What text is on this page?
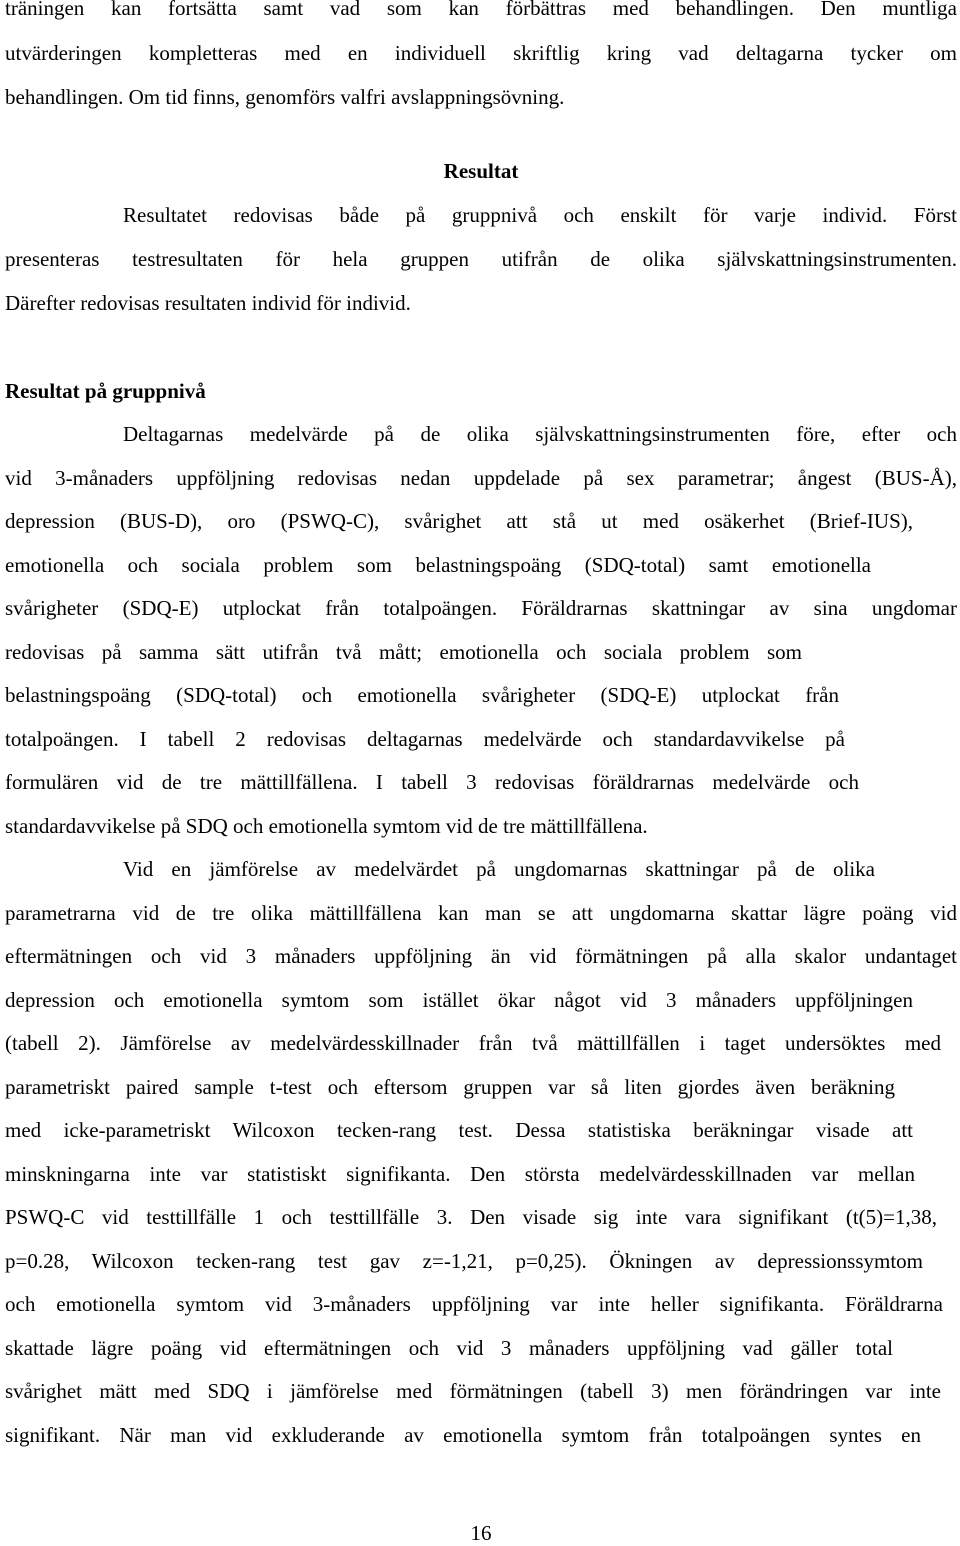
träningen kan fortsätta samt vad som kan förbättras med behandlingen. Den muntliga
utvärderingen kompletteras med en individuell skriftlig kring vad deltagarna tycker om
behandlingen. Om tid finns, genomförs valfri avslappningsövning.
Resultat
Resultatet redovisas både på gruppnivå och enskilt för varje individ. Först
presenteras testresultaten för hela gruppen utifrån de olika självskattningsinstrumenten.
Därefter redovisas resultaten individ för individ.
Resultat på gruppnivå
Deltagarnas medelvärde på de olika självskattningsinstrumenten före, efter och
vid 3-månaders uppföljning redovisas nedan uppdelade på sex parametrar; ångest (BUS-Å),
depression (BUS-D), oro (PSWQ-C), svårighet att stå ut med osäkerhet (Brief-IUS),
emotionella och sociala problem som belastningspoäng (SDQ-total) samt emotionella
svårigheter (SDQ-E) utplockat från totalpoängen. Föräldrarnas skattningar av sina ungdomar
redovisas på samma sätt utifrån två mått; emotionella och sociala problem som
belastningspoäng (SDQ-total) och emotionella svårigheter (SDQ-E) utplockat från
totalpoängen. I tabell 2 redovisas deltagarnas medelvärde och standardavvikelse på
formulären vid de tre mättillfällena. I tabell 3 redovisas föräldrarnas medelvärde och
standardavvikelse på SDQ och emotionella symtom vid de tre mättillfällena.
Vid en jämförelse av medelvärdet på ungdomarnas skattningar på de olika
parametrarna vid de tre olika mättillfällena kan man se att ungdomarna skattar lägre poäng vid
eftermätningen och vid 3 månaders uppföljning än vid förmätningen på alla skalor undantaget
depression och emotionella symtom som istället ökar något vid 3 månaders uppföljningen
(tabell 2). Jämförelse av medelvärdesskillnader från två mättillfällen i taget undersöktes med
parametriskt paired sample t-test och eftersom gruppen var så liten gjordes även beräkning
med icke-parametriskt Wilcoxon tecken-rang test. Dessa statistiska beräkningar visade att
minskningarna inte var statistiskt signifikanta. Den största medelvärdesskillnaden var mellan
PSWQ-C vid testtillfälle 1 och testtillfälle 3. Den visade sig inte vara signifikant (t(5)=1,38,
p=0.28, Wilcoxon tecken-rang test gav z=-1,21, p=0,25). Ökningen av depressionssymtom
och emotionella symtom vid 3-månaders uppföljning var inte heller signifikanta. Föräldrarna
skattade lägre poäng vid eftermätningen och vid 3 månaders uppföljning vad gäller total
svårighet mätt med SDQ i jämförelse med förmätningen (tabell 3) men förändringen var inte
signifikant. När man vid exkluderande av emotionella symtom från totalpoängen syntes en
16
